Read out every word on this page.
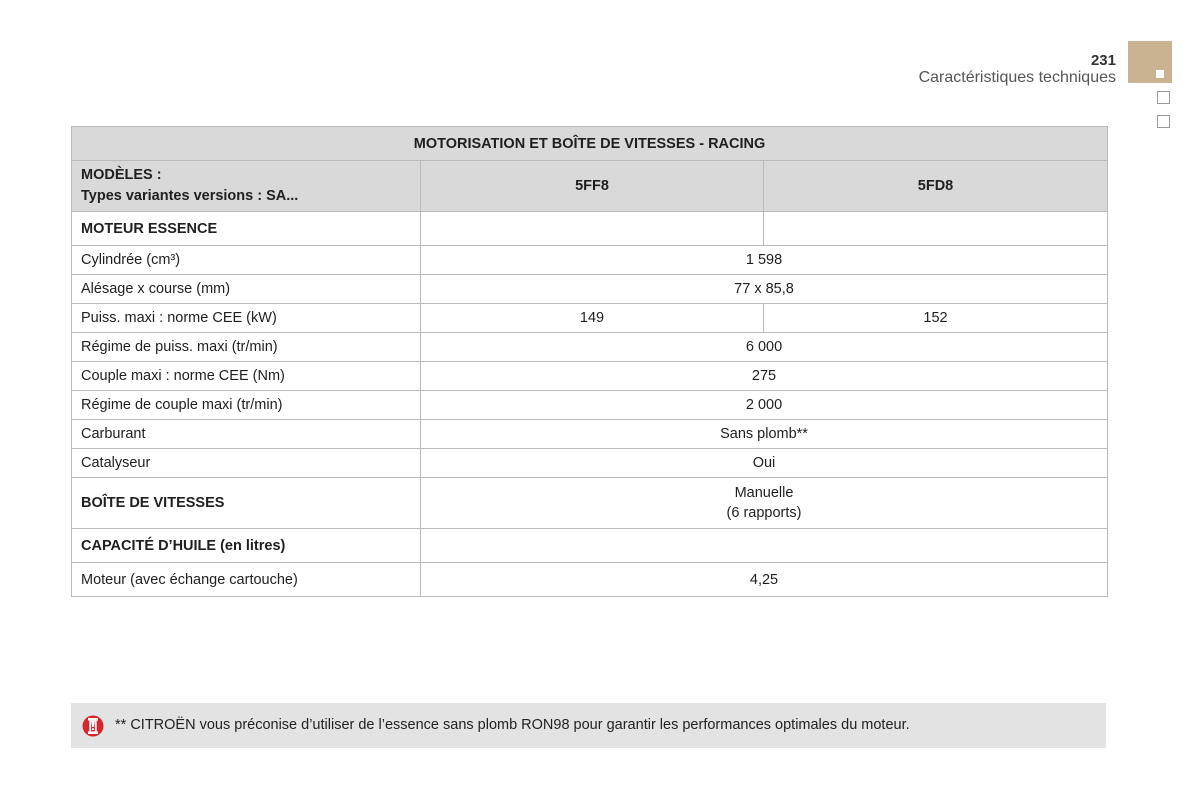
231
Caractéristiques techniques
MOTORISATION ET BOÎTE DE VITESSES - RACING		

MODÈLES :
Types variantes versions : SA...	5FF8	5FD8
MOTEUR ESSENCE		
Cylindrée (cm³)	1 598	
Alésage x course (mm)	77 x 85,8	
Puiss. maxi : norme CEE (kW)	149	152
Régime de puiss. maxi (tr/min)	6 000	
Couple maxi : norme CEE (Nm)	275	
Régime de couple maxi (tr/min)	2 000	
Carburant	Sans plomb**	
Catalyseur	Oui	
BOÎTE DE VITESSES	Manuelle
(6 rapports)	

CAPACITÉ D’HUILE (en litres)		
Moteur (avec échange cartouche)	4,25	
** CITROËN vous préconise d’utiliser de l’essence sans plomb RON98 pour garantir les performances optimales du moteur.
